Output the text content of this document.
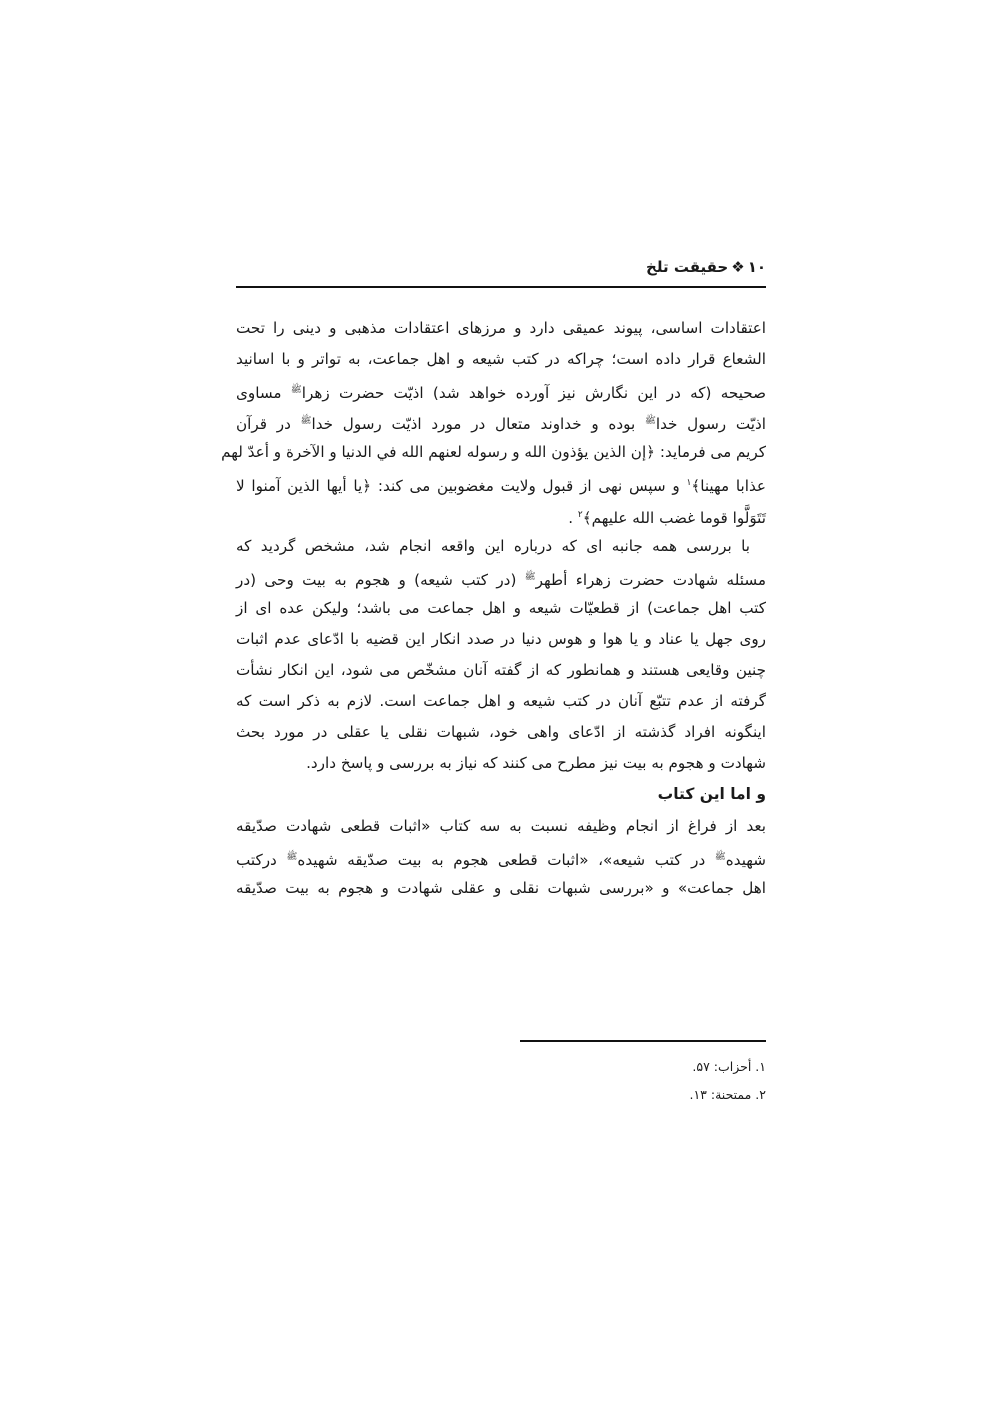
۱۰
❖
حقیقت تلخ
اعتقادات اساسی، پیوند عمیقی دارد و مرزهای اعتقادات مذهبی و دینی را تحت
الشعاع قرار داده است؛ چراکه در کتب شیعه و اهل جماعت، به تواتر و با اسانید
صحیحه (که در این نگارش نیز آورده خواهد شد) اذیّت حضرت زهرا$^ﷺ$ مساوی
اذیّت رسول خدا$^ﷺ$ بوده و خداوند متعال در مورد اذیّت رسول خدا$^ﷺ$ در قرآن
کریم می فرماید: ﴿إن الذین یؤذون الله و رسوله لعنهم الله في الدنیا و الآخرة و أعدّ لهم
عذابا مهینا﴾$^۱$ و سپس نهی از قبول ولایت مغضوبین می کند: ﴿یا أیها الذین آمنوا لا
تَتَوَلَّوا قوما غضب الله علیهم﴾$^۲$ .
با بررسی همه جانبه ای که درباره این واقعه انجام شد، مشخص گردید که
مسئله شهادت حضرت زهراء أطهر$^ﷺ$ (در کتب شیعه) و هجوم به بیت وحی (در
کتب اهل جماعت) از قطعیّات شیعه و اهل جماعت می باشد؛ ولیکن عده ای از
روی جهل یا عناد و یا هوا و هوس دنیا در صدد انکار این قضیه با ادّعای عدم اثبات
چنین وقایعی هستند و همانطور که از گفته آنان مشخّص می شود، این انکار نشأت
گرفته از عدم تتبّع آنان در کتب شیعه و اهل جماعت است. لازم به ذکر است که
اینگونه افراد گذشته از ادّعای واهی خود، شبهات نقلی یا عقلی در مورد بحث
شهادت و هجوم به بیت نیز مطرح می کنند که نیاز به بررسی و پاسخ دارد.
و اما این کتاب
بعد از فراغ از انجام وظیفه نسبت به سه کتاب «اثبات قطعی شهادت صدّیقه
شهیده$^ﷺ$ در کتب شیعه»، «اثبات قطعی هجوم به بیت صدّیقه شهیده$^ﷺ$ درکتب
اهل جماعت» و «بررسی شبهات نقلی و عقلی شهادت و هجوم به بیت صدّیقه
۱. أحزاب: ۵۷.
۲. ممتحنة: ۱۳.
